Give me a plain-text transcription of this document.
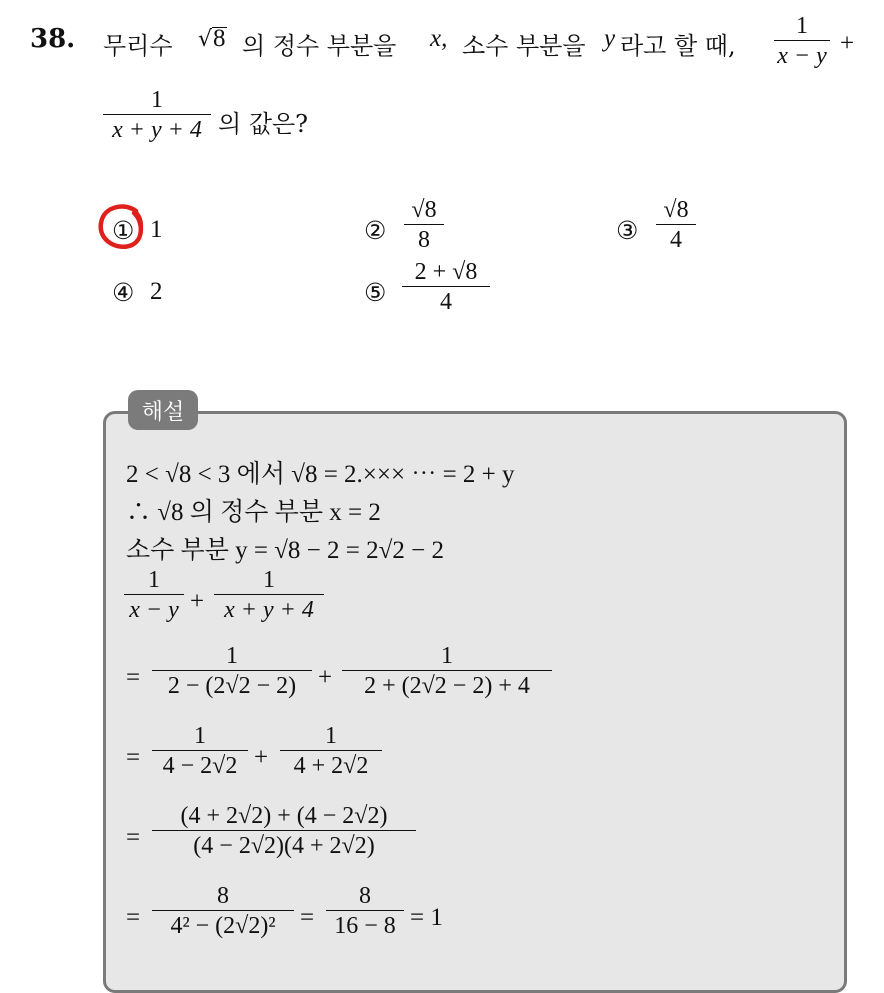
38. 무리수 √8 의 정수 부분을 x, 소수 부분을 y 라고 할 때, $\frac{1}{x - y}$ +
$\frac{1}{x + y + 4}$ 의 값은?
① 1	② $\frac{√8}{8}$	③ $\frac{√8}{4}$
④ 2	⑤ $\frac{2 + √8}{4}$
해설
2 < √8 < 3 에서 √8 = 2.××× ⋯ = 2 + y
∴ √8 의 정수 부분 x = 2
소수 부분 y = √8 − 2 = 2√2 − 2
$\frac{1}{x - y} + \frac{1}{x + y + 4}$
= $\frac{1}{2 - (2√2 - 2)} + \frac{1}{2 + (2√2 - 2) + 4}$
= $\frac{1}{4 - 2√2} + \frac{1}{4 + 2√2}$
= $\frac{(4 + 2√2) + (4 - 2√2)}{(4 - 2√2)(4 + 2√2)}$
= $\frac{8}{\text{4² − (2√2)²}} = \frac{8}{16 - 8} = 1$
